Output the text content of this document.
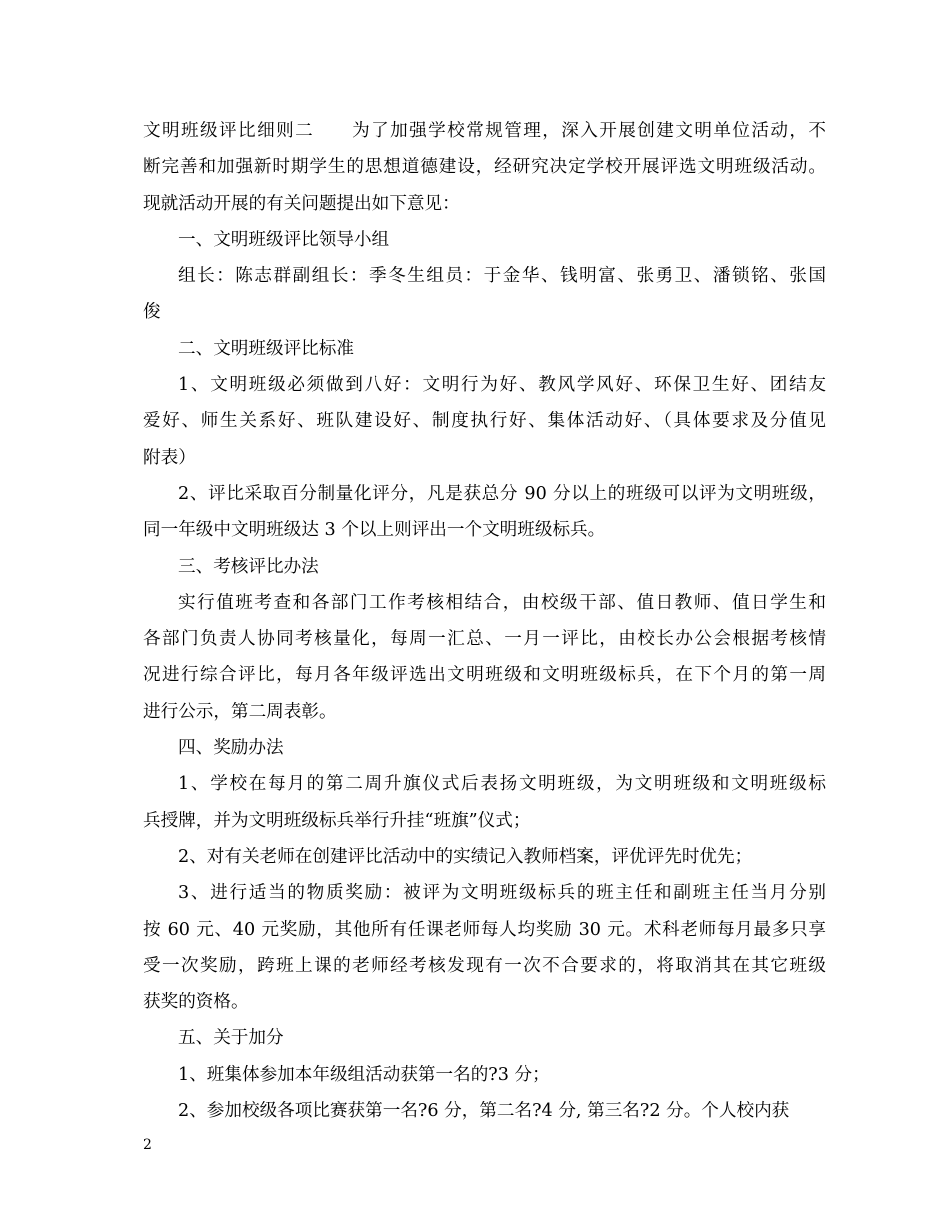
文明班级评比细则二　　为了加强学校常规管理，深入开展创建文明单位活动，不
断完善和加强新时期学生的思想道德建设，经研究决定学校开展评选文明班级活动。
现就活动开展的有关问题提出如下意见：
一、文明班级评比领导小组
组长：陈志群副组长：季冬生组员：于金华、钱明富、张勇卫、潘锁铭、张国
俊
二、文明班级评比标准
1、文明班级必须做到八好：文明行为好、教风学风好、环保卫生好、团结友
爱好、师生关系好、班队建设好、制度执行好、集体活动好、（具体要求及分值见
附表）
2、评比采取百分制量化评分，凡是获总分 90 分以上的班级可以评为文明班级，
同一年级中文明班级达 3 个以上则评出一个文明班级标兵。
三、考核评比办法
实行值班考查和各部门工作考核相结合，由校级干部、值日教师、值日学生和
各部门负责人协同考核量化，每周一汇总、一月一评比，由校长办公会根据考核情
况进行综合评比，每月各年级评选出文明班级和文明班级标兵，在下个月的第一周
进行公示，第二周表彰。
四、奖励办法
1、学校在每月的第二周升旗仪式后表扬文明班级，为文明班级和文明班级标
兵授牌，并为文明班级标兵举行升挂“班旗”仪式；
2、对有关老师在创建评比活动中的实绩记入教师档案，评优评先时优先；
3、进行适当的物质奖励：被评为文明班级标兵的班主任和副班主任当月分别
按 60 元、40 元奖励，其他所有任课老师每人均奖励 30 元。术科老师每月最多只享
受一次奖励，跨班上课的老师经考核发现有一次不合要求的，将取消其在其它班级
获奖的资格。
五、关于加分
1、班集体参加本年级组活动获第一名的?3 分；
2、参加校级各项比赛获第一名?6 分，第二名?4 分, 第三名?2 分。个人校内获
2
